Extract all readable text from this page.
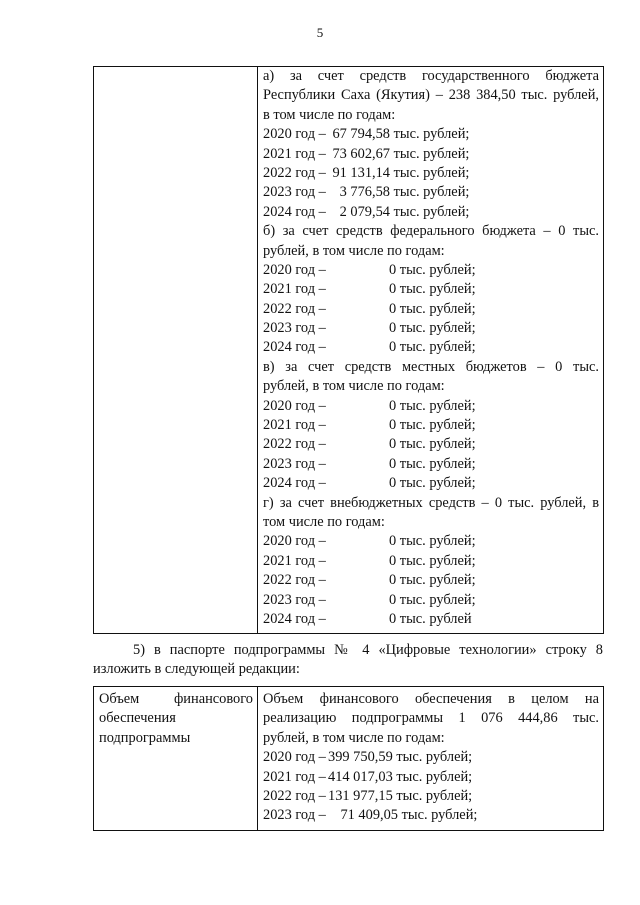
5

а) за счет средств государственного бюджета
Республики Саха (Якутия) – 238 384,50 тыс. рублей,
в том числе по годам:
2020 год – 67 794,58 тыс. рублей;
2021 год – 73 602,67 тыс. рублей;
2022 год – 91 131,14 тыс. рублей;
2023 год – 3 776,58 тыс. рублей;
2024 год – 2 079,54 тыс. рублей;
б) за счет средств федерального бюджета – 0 тыс.
рублей, в том числе по годам:
2020 год –	0 тыс. рублей;
2021 год –	0 тыс. рублей;
2022 год –	0 тыс. рублей;
2023 год –	0 тыс. рублей;
2024 год –	0 тыс. рублей;
в) за счет средств местных бюджетов – 0 тыс.
рублей, в том числе по годам:
2020 год –	0 тыс. рублей;
2021 год –	0 тыс. рублей;
2022 год –	0 тыс. рублей;
2023 год –	0 тыс. рублей;
2024 год –	0 тыс. рублей;
г) за счет внебюджетных средств – 0 тыс. рублей, в
том числе по годам:
2020 год –	0 тыс. рублей;
2021 год –	0 тыс. рублей;
2022 год –	0 тыс. рублей;
2023 год –	0 тыс. рублей;
2024 год –	0 тыс. рублей
5) в паспорте подпрограммы № 4 «Цифровые технологии» строку 8
изложить в следующей редакции:
Объем финансового
обеспечения
подпрограммы

Объем финансового обеспечения в целом на
реализацию подпрограммы 1 076 444,86 тыс.
рублей, в том числе по годам:
2020 год – 399 750,59 тыс. рублей;
2021 год – 414 017,03 тыс. рублей;
2022 год – 131 977,15 тыс. рублей;
2023 год – 71 409,05 тыс. рублей;
